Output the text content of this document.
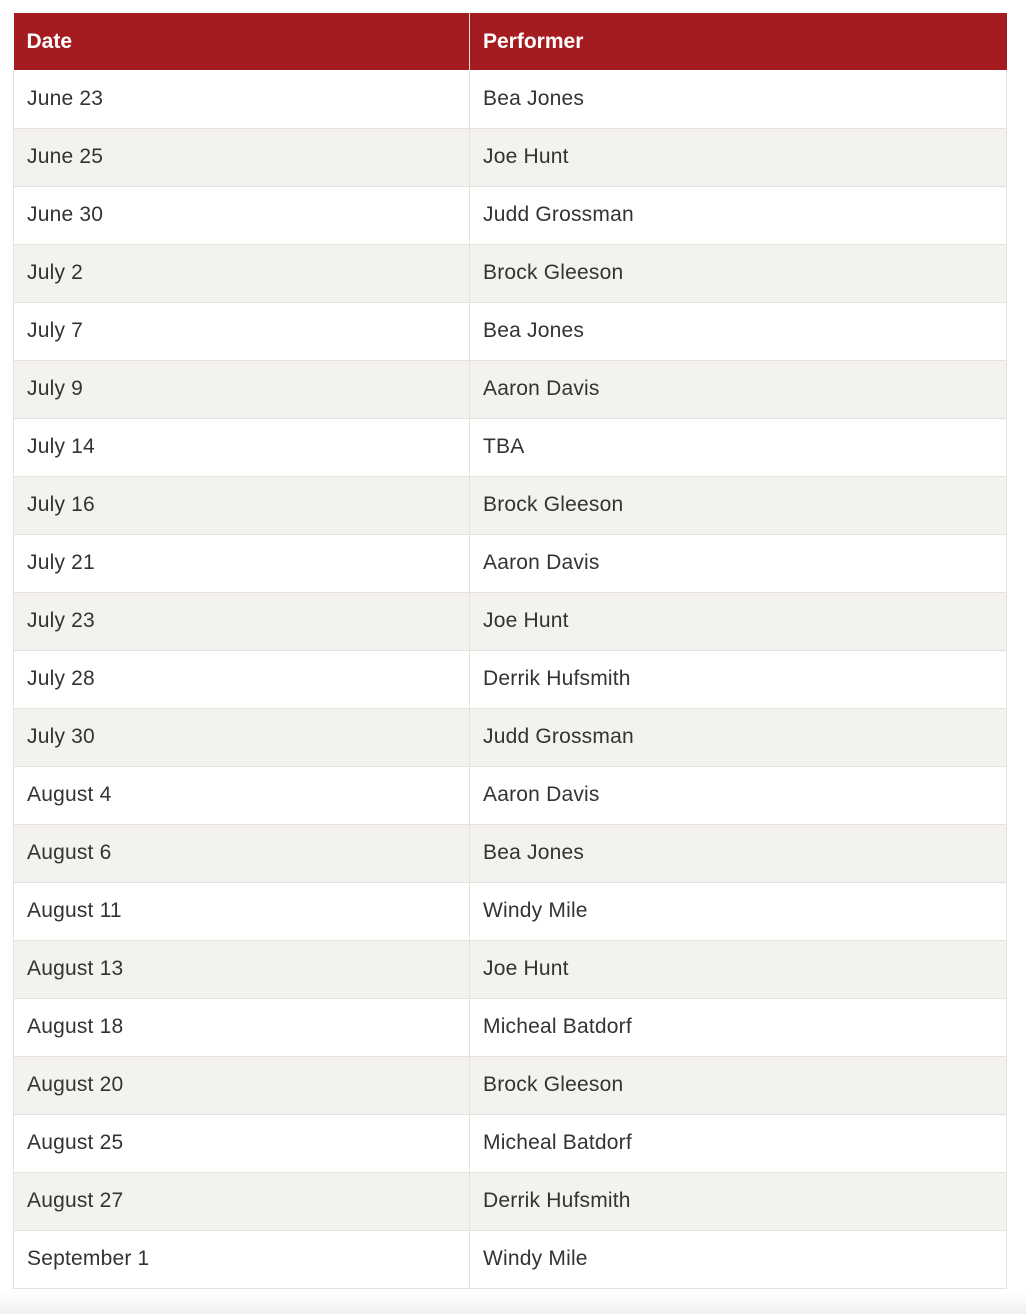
Date	Performer
June 23	Bea Jones
June 25	Joe Hunt
June 30	Judd Grossman
July 2	Brock Gleeson
July 7	Bea Jones
July 9	Aaron Davis
July 14	TBA
July 16	Brock Gleeson
July 21	Aaron Davis
July 23	Joe Hunt
July 28	Derrik Hufsmith
July 30	Judd Grossman
August 4	Aaron Davis
August 6	Bea Jones
August 11	Windy Mile
August 13	Joe Hunt
August 18	Micheal Batdorf
August 20	Brock Gleeson
August 25	Micheal Batdorf
August 27	Derrik Hufsmith
September 1	Windy Mile
